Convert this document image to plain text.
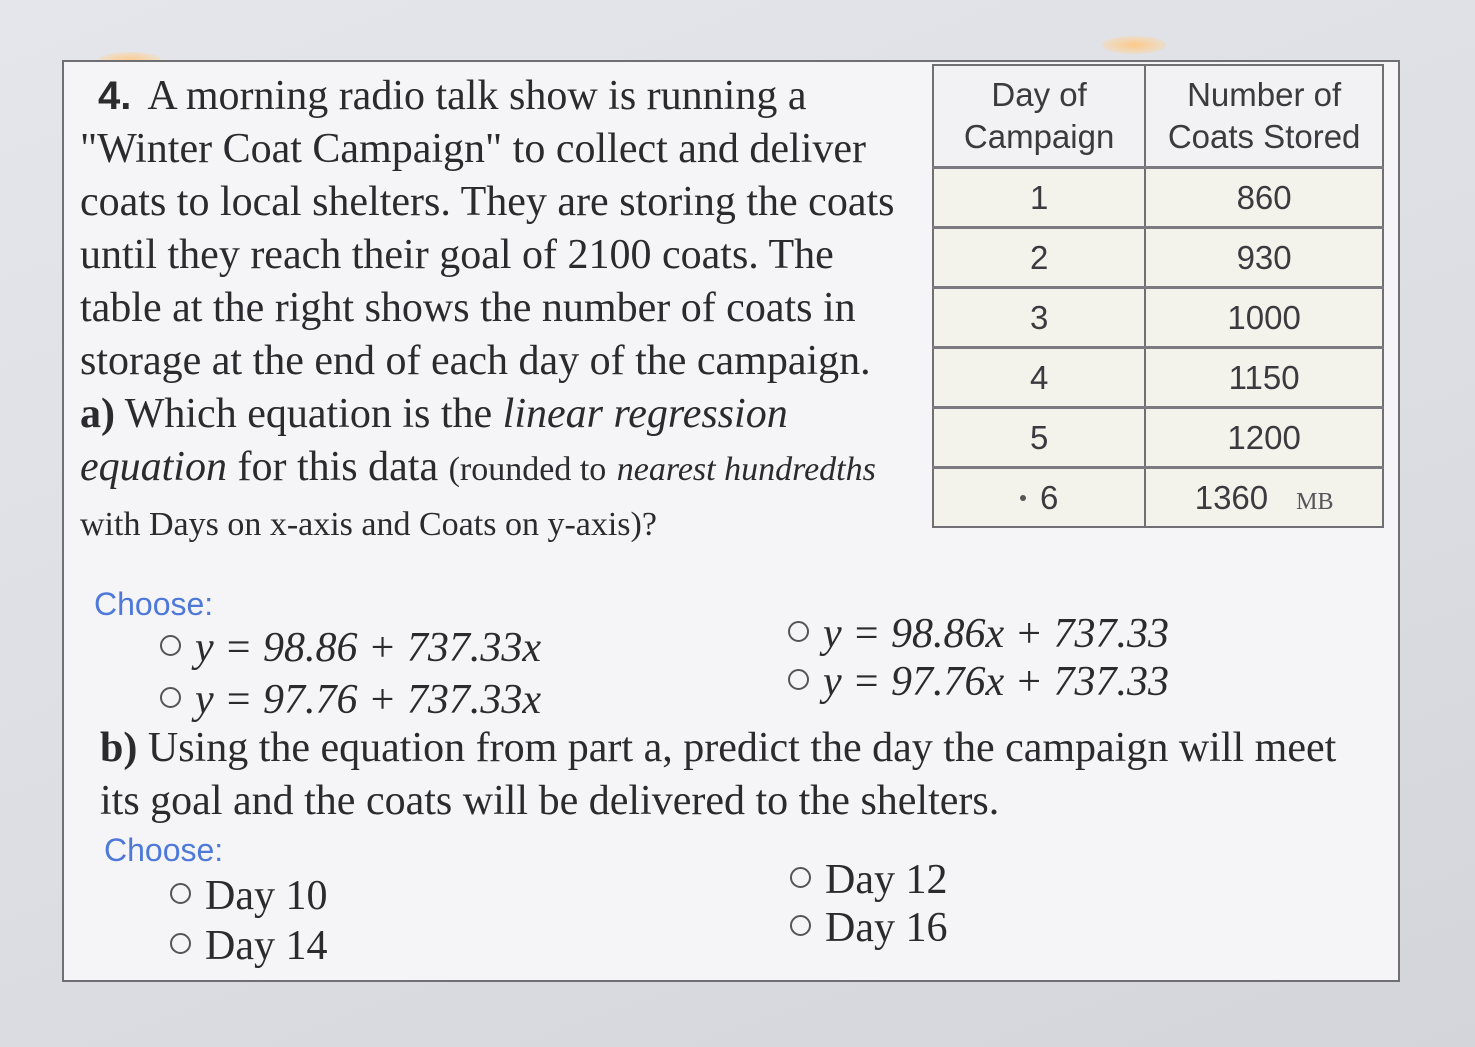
4. A morning radio talk show is running a "Winter Coat Campaign" to collect and deliver coats to local shelters. They are storing the coats until they reach their goal of 2100 coats. The table at the right shows the number of coats in storage at the end of each day of the campaign.
a) Which equation is the linear regression equation for this data (rounded to nearest hundredths with Days on x-axis and Coats on y-axis)?
Choose:
y = 98.86 + 737.33x	y = 98.86x + 737.33
y = 97.76 + 737.33x	y = 97.76x + 737.33
b) Using the equation from part a, predict the day the campaign will meet its goal and the coats will be delivered to the shelters.
Choose:
Day 10	Day 12
Day 14	Day 16
Day of Campaign	Number of Coats Stored
1	860
2	930
3	1000
4	1150
5	1200
6	1360 MB
